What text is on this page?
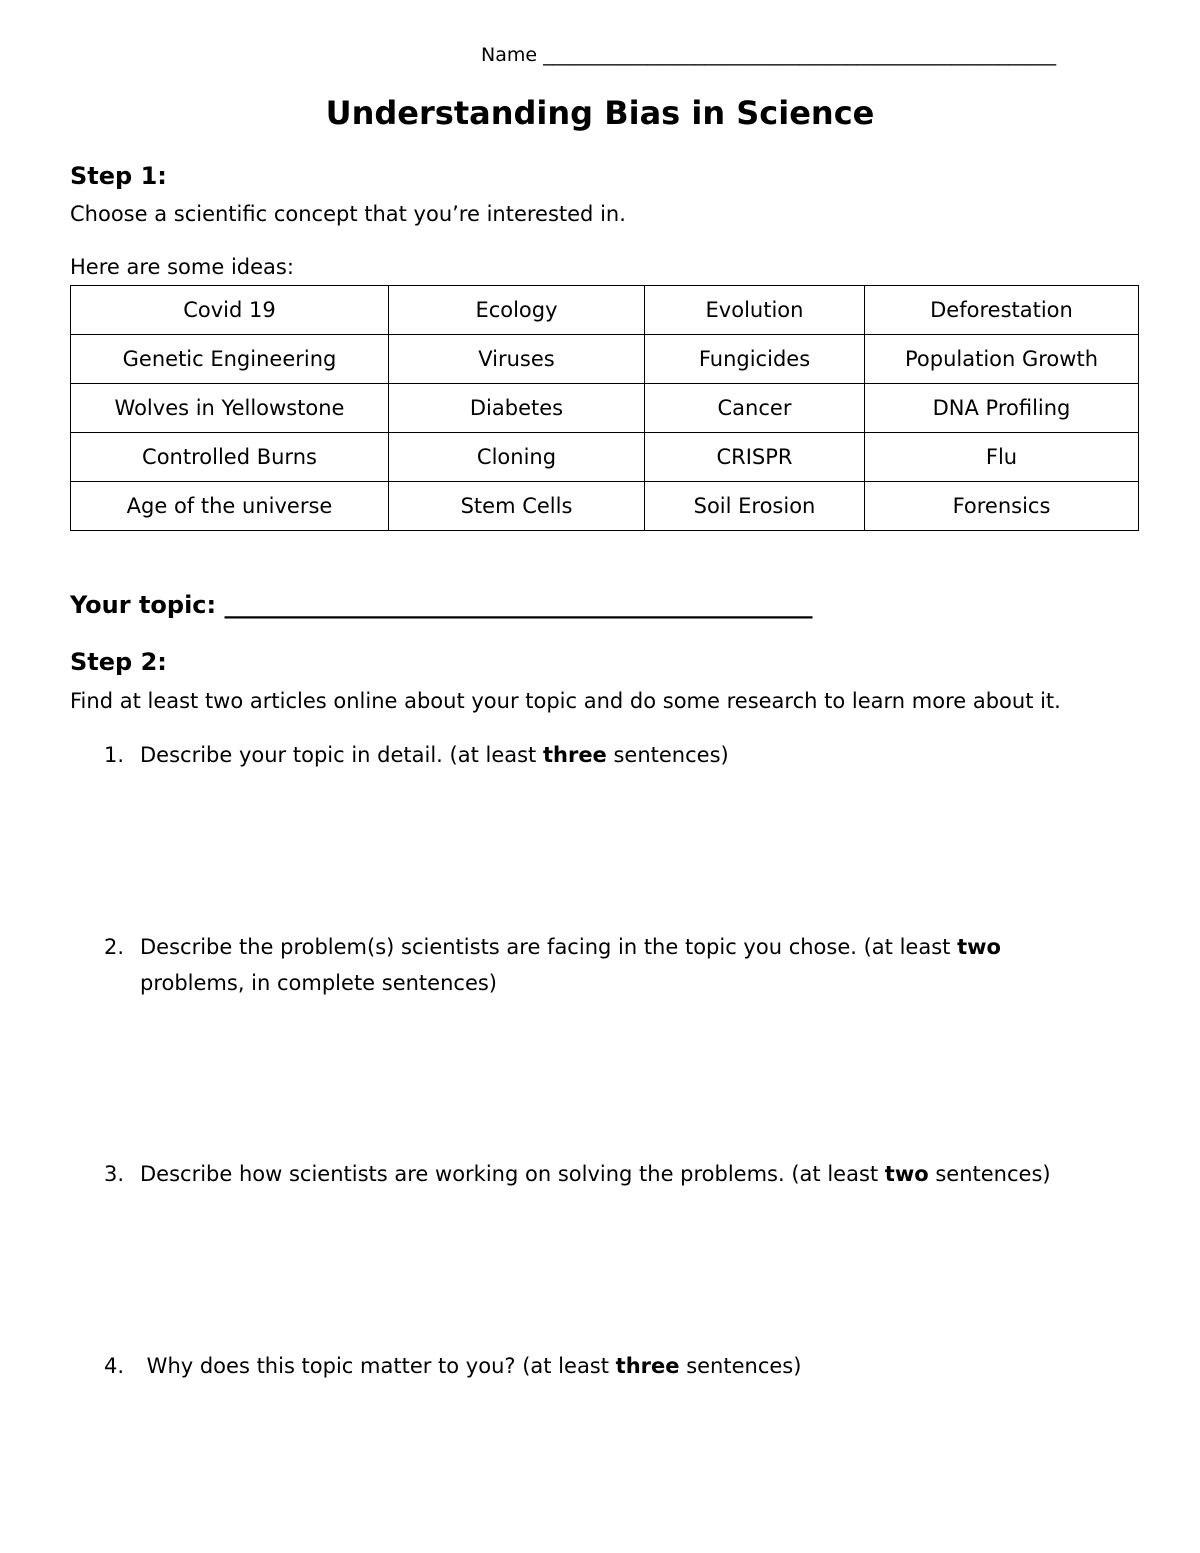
Name ______________________________________________________
Understanding Bias in Science
Step 1:
Choose a scientific concept that you’re interested in.
Here are some ideas:
Covid 19	Ecology	Evolution	Deforestation
Genetic Engineering	Viruses	Fungicides	Population Growth
Wolves in Yellowstone	Diabetes	Cancer	DNA Profiling
Controlled Burns	Cloning	CRISPR	Flu
Age of the universe	Stem Cells	Soil Erosion	Forensics
Your topic: _________________________________________________
Step 2:
Find at least two articles online about your topic and do some research to learn more about it.
1. Describe your topic in detail. (at least three sentences)
2. Describe the problem(s) scientists are facing in the topic you chose. (at least two
problems, in complete sentences)
3. Describe how scientists are working on solving the problems. (at least two sentences)
4. Why does this topic matter to you? (at least three sentences)
